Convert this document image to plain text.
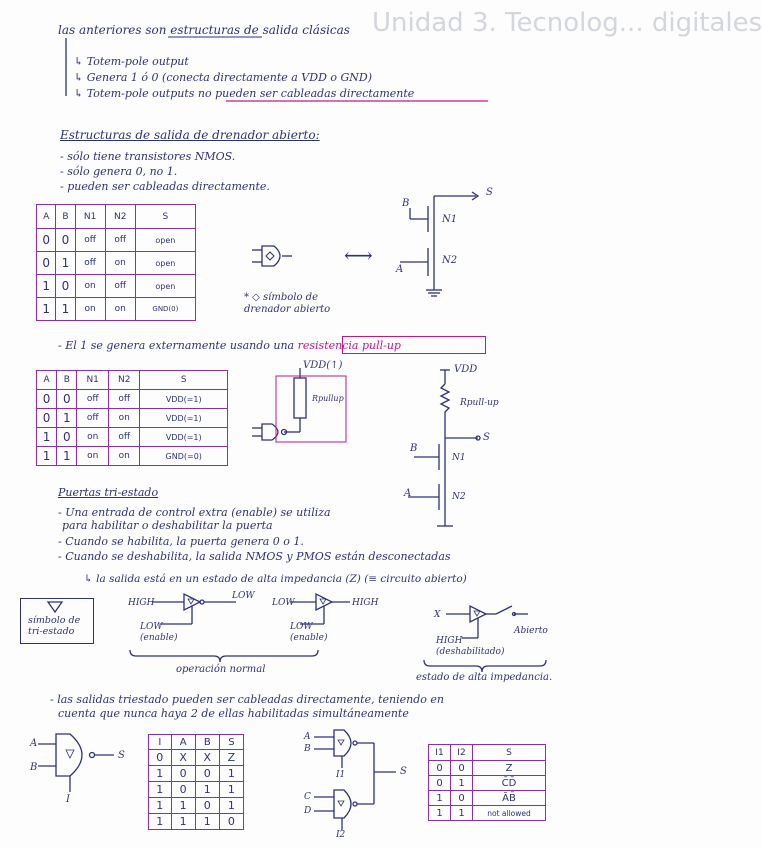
Unidad 3. Tecnolog... digitales
las anteriores son estructuras de salida clásicas
↳ Totem-pole output
↳ Genera 1 ó 0 (conecta directamente a VDD o GND)
↳ Totem-pole outputs no pueden ser cableadas directamente
Estructuras de salida de drenador abierto:
- sólo tiene transistores NMOS.
- sólo genera 0, no 1.
- pueden ser cableadas directamente.
A	B	N1	N2	S
0	0	off	off	open
0	1	off	on	open
1	0	on	off	open
1	1	on	on	GND(0)
⟷
* ◇ símbolo de drenador abierto
B
A
S
N1
N2
- El 1 se genera externamente usando una resistencia pull-up
A	B	N1	N2	S
0	0	off	off	VDD(=1)
0	1	off	on	VDD(=1)
1	0	on	off	VDD(=1)
1	1	on	on	GND(=0)
VDD(↑)
Rpullup
VDD
Rpull-up
S
B
A
N1
N2
Puertas tri-estado
- Una entrada de control extra (enable) se utiliza
para habilitar o deshabilitar la puerta
- Cuando se habilita, la puerta genera 0 o 1.
- Cuando se deshabilita, la salida NMOS y PMOS están desconectadas
↳ la salida está en un estado de alta impedancia (Z) (≡ circuito abierto)
símbolo de tri-estado
HIGH
LOW
LOW (enable)
LOW	HIGH
LOW (enable)
X
Abierto
HIGH (deshabilitado)
operación normal
estado de alta impedancia.
- las salidas triestado pueden ser cableadas directamente, teniendo en
cuenta que nunca haya 2 de ellas habilitadas simultáneamente
A
B
S
I
I	A	B	S
0	X	X	Z
1	0	0	1
1	0	1	1
1	1	0	1
1	1	1	0
A
B
I1
C
D
I2
S
I1	I2	S
0	0	Z
0	1	C̄D̄
1	0	ĀB̄
1	1	not allowed
